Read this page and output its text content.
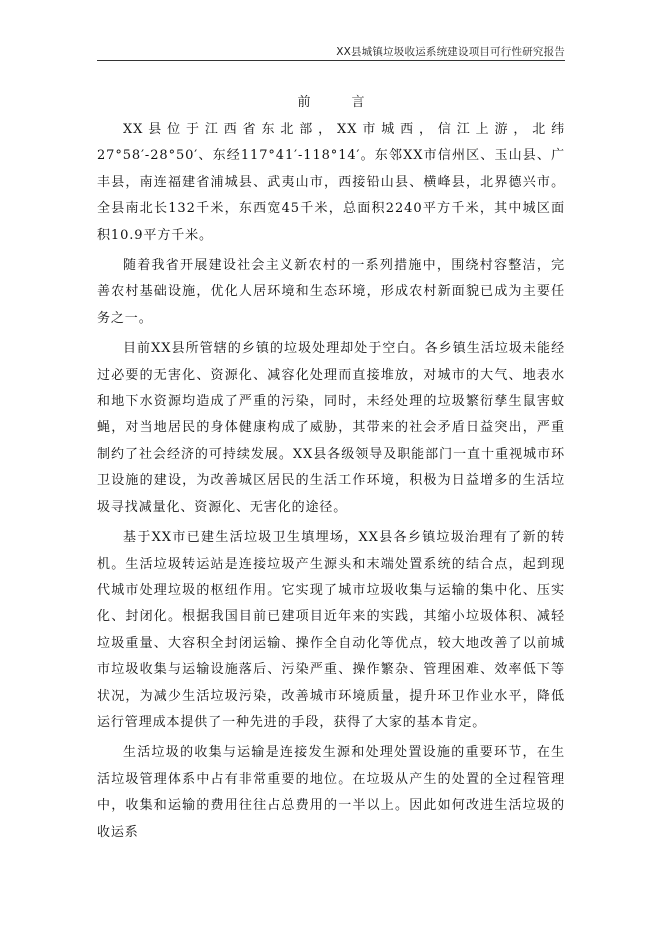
XX县城镇垃圾收运系统建设项目可行性研究报告
前　言

XX县位于江西省东北部，XX市城西，信江上游，北纬27°58′-28°50′、东经117°41′-118°14′。东邻XX市信州区、玉山县、广丰县，南连福建省浦城县、武夷山市，西接铅山县、横峰县，北界德兴市。全县南北长132千米，东西宽45千米，总面积2240平方千米，其中城区面积10.9平方千米。

随着我省开展建设社会主义新农村的一系列措施中，围绕村容整洁，完善农村基础设施，优化人居环境和生态环境，形成农村新面貌已成为主要任务之一。

目前XX县所管辖的乡镇的垃圾处理却处于空白。各乡镇生活垃圾未能经过必要的无害化、资源化、减容化处理而直接堆放，对城市的大气、地表水和地下水资源均造成了严重的污染，同时，未经处理的垃圾繁衍孳生鼠害蚊蝇，对当地居民的身体健康构成了威胁，其带来的社会矛盾日益突出，严重制约了社会经济的可持续发展。XX县各级领导及职能部门一直十重视城市环卫设施的建设，为改善城区居民的生活工作环境，积极为日益增多的生活垃圾寻找减量化、资源化、无害化的途径。

基于XX市已建生活垃圾卫生填埋场，XX县各乡镇垃圾治理有了新的转机。生活垃圾转运站是连接垃圾产生源头和末端处置系统的结合点，起到现代城市处理垃圾的枢纽作用。它实现了城市垃圾收集与运输的集中化、压实化、封闭化。根据我国目前已建项目近年来的实践，其缩小垃圾体积、减轻垃圾重量、大容积全封闭运输、操作全自动化等优点，较大地改善了以前城市垃圾收集与运输设施落后、污染严重、操作繁杂、管理困难、效率低下等状况，为减少生活垃圾污染，改善城市环境质量，提升环卫作业水平，降低运行管理成本提供了一种先进的手段，获得了大家的基本肯定。

生活垃圾的收集与运输是连接发生源和处理处置设施的重要环节，在生活垃圾管理体系中占有非常重要的地位。在垃圾从产生的处置的全过程管理中，收集和运输的费用往往占总费用的一半以上。因此如何改进生活垃圾的收运系
